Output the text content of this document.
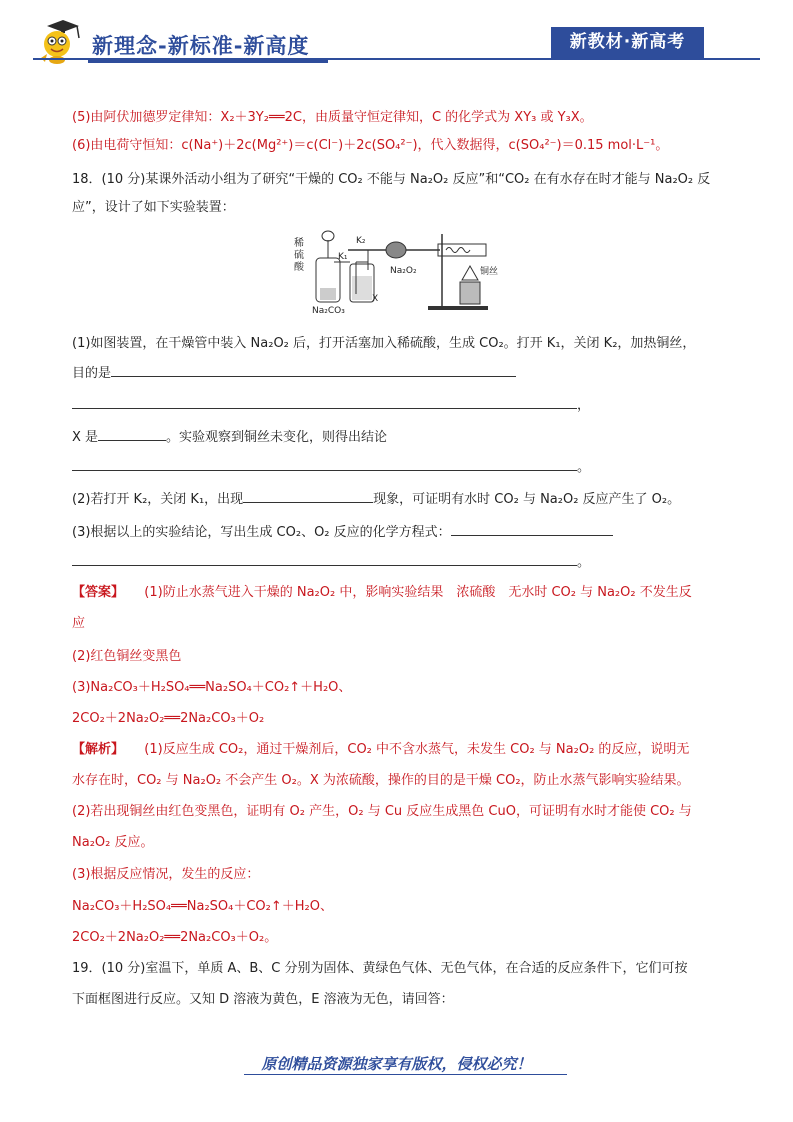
新理念-新标准-新高度	新教材·新高考
(5)由阿伏加德罗定律知：X₂＋3Y₂══2C，由质量守恒定律知，C 的化学式为 XY₃ 或 Y₃X。
(6)由电荷守恒知：c(Na⁺)＋2c(Mg²⁺)＝c(Cl⁻)＋2c(SO₄²⁻)，代入数据得，c(SO₄²⁻)＝0.15 mol·L⁻¹。
18．(10 分)某课外活动小组为了研究“干燥的 CO₂ 不能与 Na₂O₂ 反应”和“CO₂ 在有水存在时才能与 Na₂O₂ 反
应”，设计了如下实验装置：
稀硫酸
Na₂CO₃
K₁
K₂
X
Na₂O₂	铜丝
(1)如图装置，在干燥管中装入 Na₂O₂ 后，打开活塞加入稀硫酸，生成 CO₂。打开 K₁，关闭 K₂，加热铜丝，
目的是
，
X 是	。实验观察到铜丝未变化，则得出结论
。
(2)若打开 K₂，关闭 K₁，出现	现象，可证明有水时 CO₂ 与 Na₂O₂ 反应产生了 O₂。
(3)根据以上的实验结论，写出生成 CO₂、O₂ 反应的化学方程式：
。
【答案】 (1)防止水蒸气进入干燥的 Na₂O₂ 中，影响实验结果　浓硫酸　无水时 CO₂ 与 Na₂O₂ 不发生反
应
(2)红色铜丝变黑色
(3)Na₂CO₃＋H₂SO₄══Na₂SO₄＋CO₂↑＋H₂O、
2CO₂＋2Na₂O₂══2Na₂CO₃＋O₂
【解析】 (1)反应生成 CO₂，通过干燥剂后，CO₂ 中不含水蒸气，未发生 CO₂ 与 Na₂O₂ 的反应，说明无
水存在时，CO₂ 与 Na₂O₂ 不会产生 O₂。X 为浓硫酸，操作的目的是干燥 CO₂，防止水蒸气影响实验结果。
(2)若出现铜丝由红色变黑色，证明有 O₂ 产生，O₂ 与 Cu 反应生成黑色 CuO，可证明有水时才能使 CO₂ 与
Na₂O₂ 反应。
(3)根据反应情况，发生的反应：
Na₂CO₃＋H₂SO₄══Na₂SO₄＋CO₂↑＋H₂O、
2CO₂＋2Na₂O₂══2Na₂CO₃＋O₂。
19．(10 分)室温下，单质 A、B、C 分别为固体、黄绿色气体、无色气体，在合适的反应条件下，它们可按
下面框图进行反应。又知 D 溶液为黄色，E 溶液为无色，请回答：
原创精品资源独家享有版权，侵权必究！
